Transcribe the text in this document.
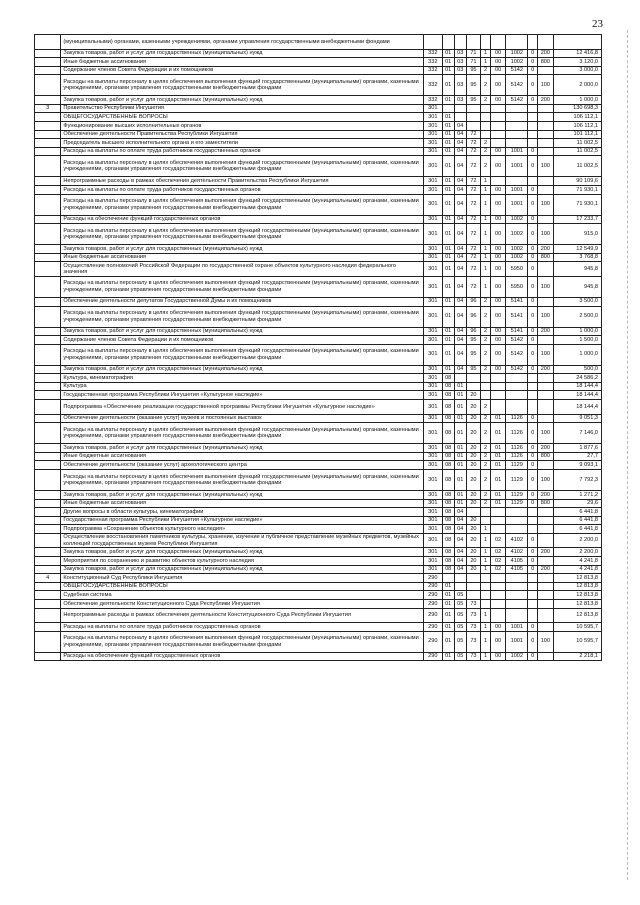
23
	(муниципальными) органами, казенными учреждениями, органами управления государственными внебюджетными фондами										
	Закупка товаров, работ и услуг для государственных (муниципальных) нужд	332	01	03	71	1	00	1002	0	200	12 416,8
	Иные бюджетные ассигнования	332	01	03	71	1	00	1002	0	800	3 120,0
	Содержание членов Совета Федерации и их помощников	332	01	03	95	2	00	5142	0		3 000,0
	Расходы на выплаты персоналу в целях обеспечения выполнения функций государственными (муниципальными) органами, казенными учреждениями, органами управления государственными внебюджетными фондами	332	01	03	95	2	00	5142	0	100	2 000,0
	Закупка товаров, работ и услуг для государственных (муниципальных) нужд	332	01	03	95	2	00	5142	0	200	1 000,0
3	Правительство Республики Ингушетия	301									130 698,3
	ОБЩЕГОСУДАРСТВЕННЫЕ ВОПРОСЫ	301	01								106 112,1
	Функционирование высших исполнительных органов	301	01	04							106 112,1
	Обеспечение деятельности Правительства Республики Ингушетия	301	01	04	72						101 112,1
	Председатель высшего исполнительного органа и его заместители	301	01	04	72	2					11 002,5
	Расходы на выплаты по оплате труда работников государственных органов	301	01	04	72	2	00	1001	0		11 002,5
	Расходы на выплаты персоналу в целях обеспечения выполнения функций государственными (муниципальными) органами, казенными учреждениями, органами управления государственными внебюджетными фондами	301	01	04	72	2	00	1001	0	100	11 002,5
	Непрограммные расходы в рамках обеспечения деятельности Правительства Республики Ингушетия	301	01	04	72	1					90 109,6
	Расходы на выплаты по оплате труда работников государственных органов	301	01	04	72	1	00	1001	0		71 930,1
	Расходы на выплаты персоналу в целях обеспечения выполнения функций государственными (муниципальными) органами, казенными учреждениями, органами управления государственными внебюджетными фондами	301	01	04	72	1	00	1001	0	100	71 930,1
	Расходы на обеспечение функций государственных органов	301	01	04	72	1	00	1002	0		17 233,7
	Расходы на выплаты персоналу в целях обеспечения выполнения функций государственными (муниципальными) органами, казенными учреждениями, органами управления государственными внебюджетными фондами	301	01	04	72	1	00	1002	0	100	915,0
	Закупка товаров, работ и услуг для государственных (муниципальных) нужд	301	01	04	72	1	00	1002	0	200	12 549,9
	Иные бюджетные ассигнования	301	01	04	72	1	00	1002	0	800	3 768,8
	Осуществление полномочий Российской Федерации по государственной охране объектов культурного наследия федерального значения	301	01	04	72	1	00	5950	0		945,8
	Расходы на выплаты персоналу в целях обеспечения выполнения функций государственными (муниципальными) органами, казенными учреждениями, органами управления государственными внебюджетными фондами	301	01	04	72	1	00	5950	0	100	945,8
	Обеспечение деятельности депутатов Государственной Думы и их помощников	301	01	04	96	2	00	5141	0		3 500,0
	Расходы на выплаты персоналу в целях обеспечения выполнения функций государственными (муниципальными) органами, казенными учреждениями, органами управления государственными внебюджетными фондами	301	01	04	96	2	00	5141	0	100	2 500,0
	Закупка товаров, работ и услуг для государственных (муниципальных) нужд	301	01	04	96	2	00	5141	0	200	1 000,0
	Содержание членов Совета Федерации и их помощников	301	01	04	95	2	00	5142	0		1 500,0
	Расходы на выплаты персоналу в целях обеспечения выполнения функций государственными (муниципальными) органами, казенными учреждениями, органами управления государственными внебюджетными фондами	301	01	04	95	2	00	5142	0	100	1 000,0
	Закупка товаров, работ и услуг для государственных (муниципальных) нужд	301	01	04	95	2	00	5142	0	200	500,0
	Культура, кинематография	301	08								24 586,2
	Культура	301	08	01							18 144,4
	Государственная программа Республики Ингушетия «Культурное наследие»	301	08	01	20						18 144,4
	Подпрограмма «Обеспечение реализации государственной программы Республики Ингушетия «Культурное наследие»	301	08	01	20	2					18 144,4
	Обеспечение деятельности (оказание услуг) музеев и постоянных выставок	301	08	01	20	2	01	1126	0		9 051,3
	Расходы на выплаты персоналу в целях обеспечения выполнения функций государственными (муниципальными) органами, казенными учреждениями, органами управления государственными внебюджетными фондами	301	08	01	20	2	01	1126	0	100	7 146,0
	Закупка товаров, работ и услуг для государственных (муниципальных) нужд	301	08	01	20	2	01	1126	0	200	1 877,6
	Иные бюджетные ассигнования	301	08	01	20	2	01	1126	0	800	27,7
	Обеспечение деятельности (оказание услуг) археологического центра	301	08	01	20	2	01	1129	0		9 093,1
	Расходы на выплаты персоналу в целях обеспечения выполнения функций государственными (муниципальными) органами, казенными учреждениями, органами управления государственными внебюджетными фондами	301	08	01	20	2	01	1129	0	100	7 792,3
	Закупка товаров, работ и услуг для государственных (муниципальных) нужд	301	08	01	20	2	01	1129	0	200	1 271,2
	Иные бюджетные ассигнования	301	08	01	20	2	01	1129	0	800	29,6
	Другие вопросы в области культуры, кинематографии	301	08	04							6 441,8
	Государственная программа Республики Ингушетия «Культурное наследие»	301	08	04	20						6 441,8
	Подпрограмма «Сохранение объектов культурного наследия»	301	08	04	20	1					6 441,8
	Осуществление восстановления памятников культуры, хранение, изучение и публичное представление музейных предметов, музейных коллекций государственных музеев Республики Ингушетия	301	08	04	20	1	02	4102	0		2 200,0
	Закупка товаров, работ и услуг для государственных (муниципальных) нужд	301	08	04	20	1	02	4102	0	200	2 200,0
	Мероприятия по сохранению и развитию объектов культурного наследия	301	08	04	20	1	02	4105	0		4 241,8
	Закупка товаров, работ и услуг для государственных (муниципальных) нужд	301	08	04	20	1	02	4105	0	200	4 241,8
4	Конституционный Суд Республики Ингушетия	290									12 813,8
	ОБЩЕГОСУДАРСТВЕННЫЕ ВОПРОСЫ	290	01								12 813,8
	Судебная система	290	01	05							12 813,8
	Обеспечение деятельности Конституционного Суда Республики Ингушетия	290	01	05	73						12 813,8
	Непрограммные расходы в рамках обеспечения деятельности Конституционного Суда Республики Ингушетия	290	01	05	73	1					12 813,8
	Расходы на выплаты по оплате труда работников государственных органов	290	01	05	73	1	00	1001	0		10 595,7
	Расходы на выплаты персоналу в целях обеспечения выполнения функций государственными (муниципальными) органами, казенными учреждениями, органами управления государственными внебюджетными фондами	290	01	05	73	1	00	1001	0	100	10 595,7
	Расходы на обеспечение функций государственных органов	290	01	05	73	1	00	1002	0		2 218,1
